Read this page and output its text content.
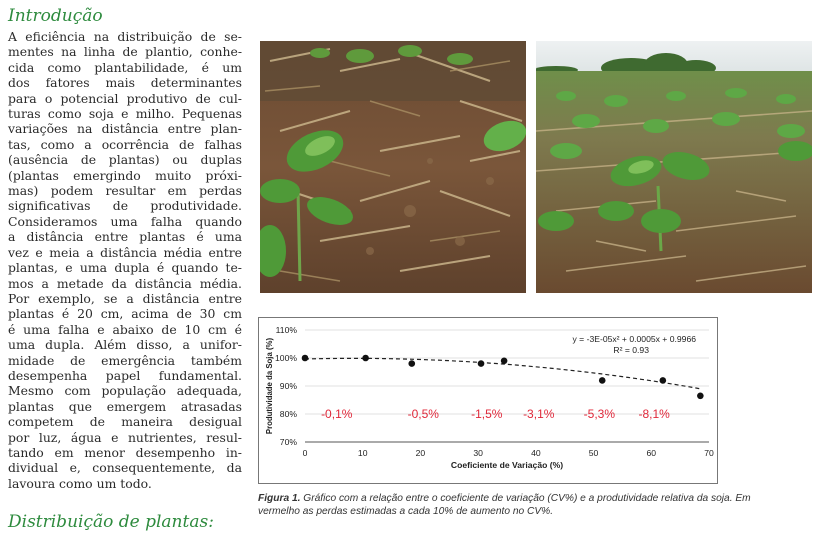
Introdução

A eficiência na distribuição de se-

mentes na linha de plantio, conhe-

cida como plantabilidade, é um

dos fatores mais determinantes

para o potencial produtivo de cul-

turas como soja e milho. Pequenas

variações na distância entre plan-

tas, como a ocorrência de falhas

(ausência de plantas) ou duplas

(plantas emergindo muito próxi-

mas) podem resultar em perdas

significativas de produtividade.

Consideramos uma falha quando

a distância entre plantas é uma

vez e meia a distância média entre

plantas, e uma dupla é quando te-

mos a metade da distância média.

Por exemplo, se a distância entre

plantas é 20 cm, acima de 30 cm

é uma falha e abaixo de 10 cm é

uma dupla. Além disso, a unifor-

midade de emergência também

desempenha papel fundamental.

Mesmo com população adequada,

plantas que emergem atrasadas

competem de maneira desigual

por luz, água e nutrientes, resul-

tando em menor desempenho in-

dividual e, consequentemente, da

lavoura como um todo.

-0,1%	-0,5%	-1,5% -3,1% -5,3% -8,1%
70%
80%
90%
100%
110%
0	10	20	30	40	50	60	70
y = -3E-05x² + 0.0005x + 0.9966
R² = 0.93
Coeficiente de Variação (%)
Produtividade da Soja (%)
Figura 1. Gráfico com a relação entre o coeficiente de variação (CV%) e a produtividade relativa da soja. Em vermelho as perdas estimadas a cada 10% de aumento no CV%.
Distribuição de plantas:
